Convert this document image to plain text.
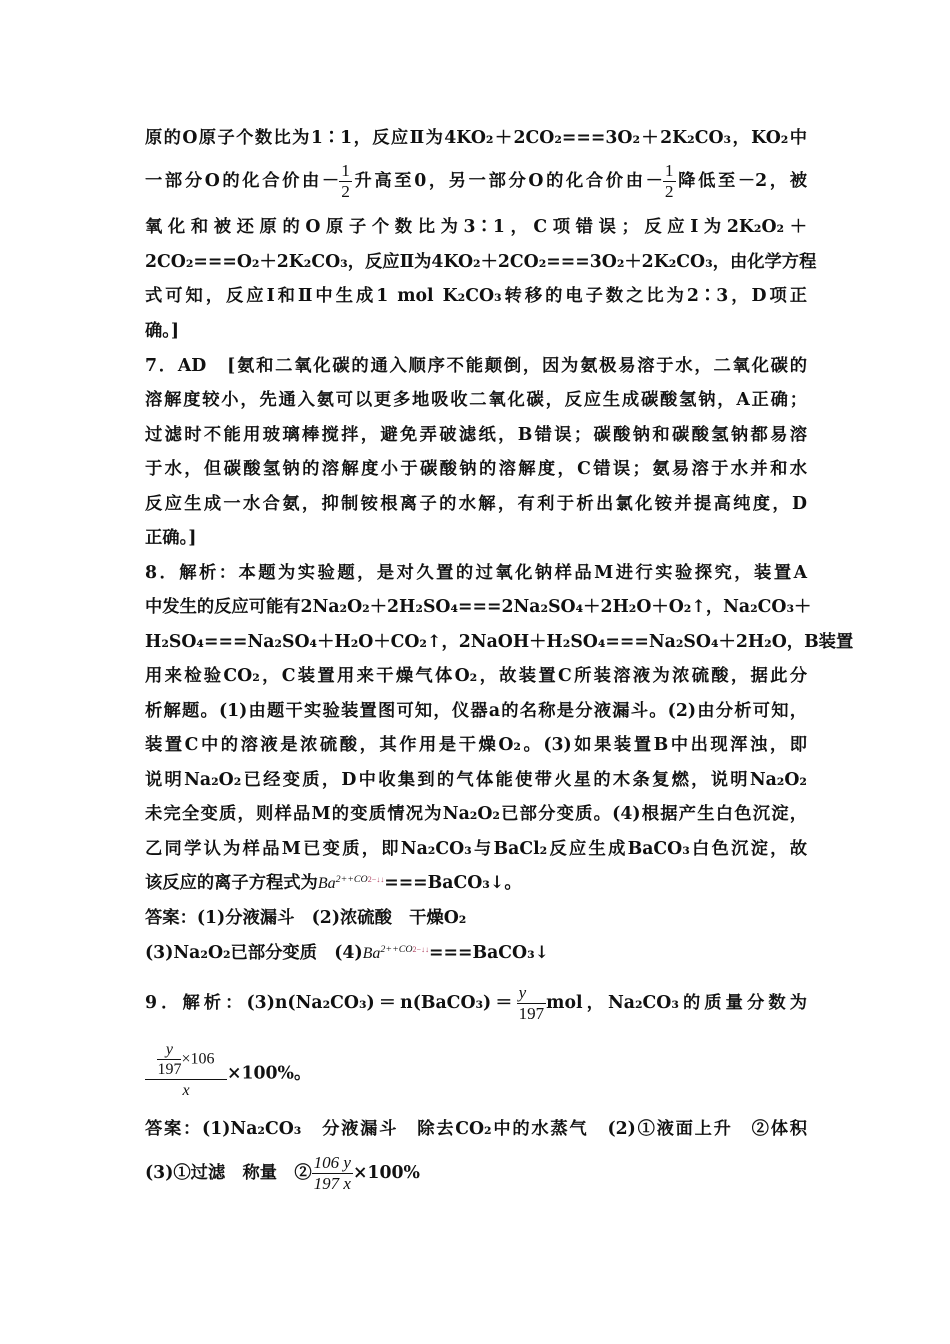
原的O原子个数比为1∶1，反应Ⅱ为4KO₂＋2CO₂===3O₂＋2K₂CO₃，KO₂中
一部分O的化合价由－ $\frac{1}{2}$ 升高至0，另一部分O的化合价由－ $\frac{1}{2}$ 降低至－2，被
氧化和被还原的O原子个数比为3∶1，C项错误；反应Ⅰ为2K₂O₂＋
2CO₂===O₂＋2K₂CO₃，反应Ⅱ为4KO₂＋2CO₂===3O₂＋2K₂CO₃，由化学方程
式可知，反应Ⅰ和Ⅱ中生成1 mol K₂CO₃转移的电子数之比为2∶3，D项正
确。]
7．AD　[氨和二氧化碳的通入顺序不能颠倒，因为氨极易溶于水，二氧化碳的
溶解度较小，先通入氨可以更多地吸收二氧化碳，反应生成碳酸氢钠，A正确；
过滤时不能用玻璃棒搅拌，避免弄破滤纸，B错误；碳酸钠和碳酸氢钠都易溶
于水，但碳酸氢钠的溶解度小于碳酸钠的溶解度，C错误；氨易溶于水并和水
反应生成一水合氨，抑制铵根离子的水解，有利于析出氯化铵并提高纯度，D
正确。]
8．解析：本题为实验题，是对久置的过氧化钠样品M进行实验探究，装置A
中发生的反应可能有2Na₂O₂＋2H₂SO₄===2Na₂SO₄＋2H₂O＋O₂↑，Na₂CO₃＋
H₂SO₄===Na₂SO₄＋H₂O＋CO₂↑，2NaOH＋H₂SO₄===Na₂SO₄＋2H₂O，B装置
用来检验CO₂，C装置用来干燥气体O₂，故装置C所装溶液为浓硫酸，据此分
析解题。(1)由题干实验装置图可知，仪器a的名称是分液漏斗。(2)由分析可知，
装置C中的溶液是浓硫酸，其作用是干燥O₂。(3)如果装置B中出现浑浊，即
说明Na₂O₂已经变质，D中收集到的气体能使带火星的木条复燃，说明Na₂O₂
未完全变质，则样品M的变质情况为Na₂O₂已部分变质。(4)根据产生白色沉淀，
乙同学认为样品M已变质，即Na₂CO₃与BaCl₂反应生成BaCO₃白色沉淀，故
该反应的离子方程式为$Ba^{2++CO2-↓↓}===BaCO_3↓$。
答案：(1)分液漏斗　(2)浓硫酸　干燥O₂
(3)Na₂O₂已部分变质　$(4)Ba^{2++CO2-↓↓}===BaCO_3↓$
9．解析：(3)n(Na₂CO₃)＝n(BaCO₃)＝ $\frac{y}{197}$ mol，Na₂CO₃的质量分数为
$\frac{\frac{y}{197} \times 106}{x} \times 100\%$。
答案：(1)Na₂CO₃　分液漏斗　除去CO₂中的水蒸气　(2)①液面上升　②体积
(3)①过滤　称量　② $\frac{106 y}{197 x} \times 100\%$
